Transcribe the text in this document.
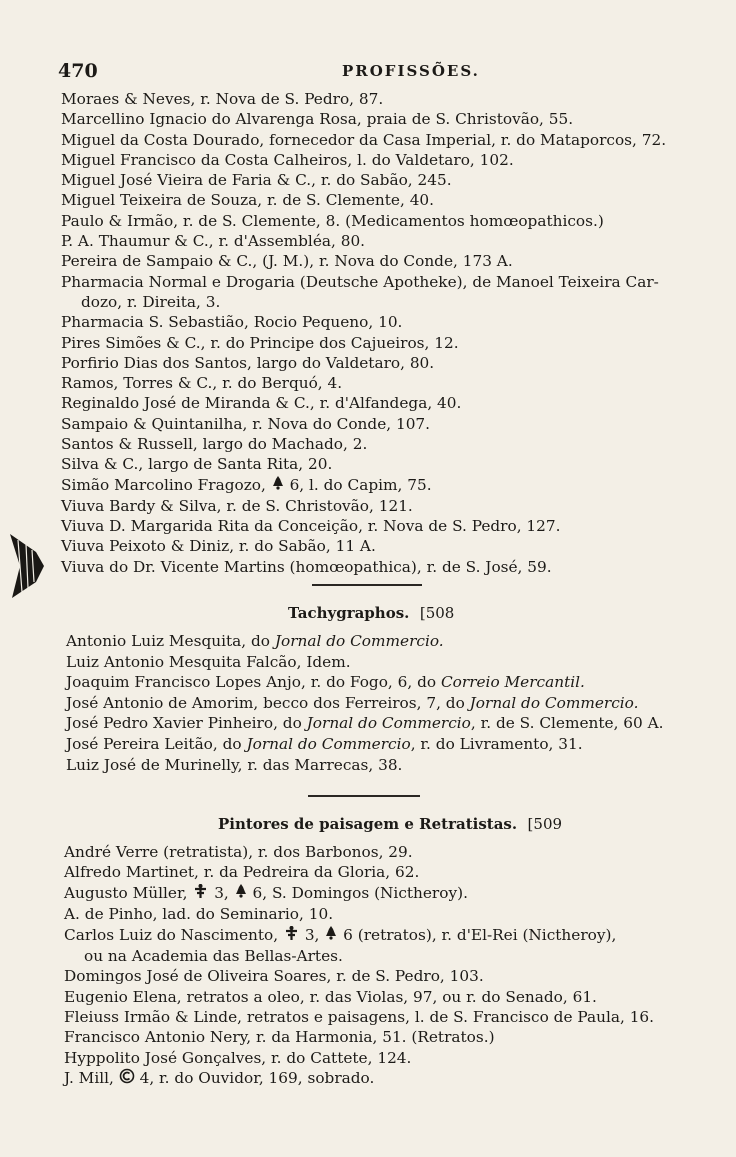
470	PROFISSÕES.
Moraes & Neves, r. Nova de S. Pedro, 87.
Marcellino Ignacio do Alvarenga Rosa, praia de S. Christovão, 55.
Miguel da Costa Dourado, fornecedor da Casa Imperial, r. do Mataporcos, 72.
Miguel Francisco da Costa Calheiros, l. do Valdetaro, 102.
Miguel José Vieira de Faria & C., r. do Sabão, 245.
Miguel Teixeira de Souza, r. de S. Clemente, 40.
Paulo & Irmão, r. de S. Clemente, 8. (Medicamentos homœopathicos.)
P. A. Thaumur & C., r. d'Assembléa, 80.
Pereira de Sampaio & C., (J. M.), r. Nova do Conde, 173 A.
Pharmacia Normal e Drogaria (Deutsche Apotheke), de Manoel Teixeira Car-
dozo, r. Direita, 3.
Pharmacia S. Sebastião, Rocio Pequeno, 10.
Pires Simões & C., r. do Principe dos Cajueiros, 12.
Porfirio Dias dos Santos, largo do Valdetaro, 80.
Ramos, Torres & C., r. do Berquó, 4.
Reginaldo José de Miranda & C., r. d'Alfandega, 40.
Sampaio & Quintanilha, r. Nova do Conde, 107.
Santos & Russell, largo do Machado, 2.
Silva & C., largo de Santa Rita, 20.
Simão Marcolino Fragozo,  6, l. do Capim, 75.
Viuva Bardy & Silva, r. de S. Christovão, 121.
Viuva D. Margarida Rita da Conceição, r. Nova de S. Pedro, 127.
Viuva Peixoto & Diniz, r. do Sabão, 11 A.
Viuva do Dr. Vicente Martins (homœopathica), r. de S. José, 59.
Tachygraphos. [508
Antonio Luiz Mesquita, do Jornal do Commercio.
Luiz Antonio Mesquita Falcão, Idem.
Joaquim Francisco Lopes Anjo, r. do Fogo, 6, do Correio Mercantil.
José Antonio de Amorim, becco dos Ferreiros, 7, do Jornal do Commercio.
José Pedro Xavier Pinheiro, do Jornal do Commercio, r. de S. Clemente, 60 A.
José Pereira Leitão, do Jornal do Commercio, r. do Livramento, 31.
Luiz José de Murinelly, r. das Marrecas, 38.
Pintores de paisagem e Retratistas. [509
André Verre (retratista), r. dos Barbonos, 29.
Alfredo Martinet, r. da Pedreira da Gloria, 62.
Augusto Müller,  3,  6, S. Domingos (Nictheroy).
A. de Pinho, lad. do Seminario, 10.
Carlos Luiz do Nascimento,  3,  6 (retratos), r. d'El-Rei (Nictheroy),
ou na Academia das Bellas-Artes.
Domingos José de Oliveira Soares, r. de S. Pedro, 103.
Eugenio Elena, retratos a oleo, r. das Violas, 97, ou r. do Senado, 61.
Fleiuss Irmão & Linde, retratos e paisagens, l. de S. Francisco de Paula, 16.
Francisco Antonio Nery, r. da Harmonia, 51. (Retratos.)
Hyppolito José Gonçalves, r. do Cattete, 124.
J. Mill,  4, r. do Ouvidor, 169, sobrado.
